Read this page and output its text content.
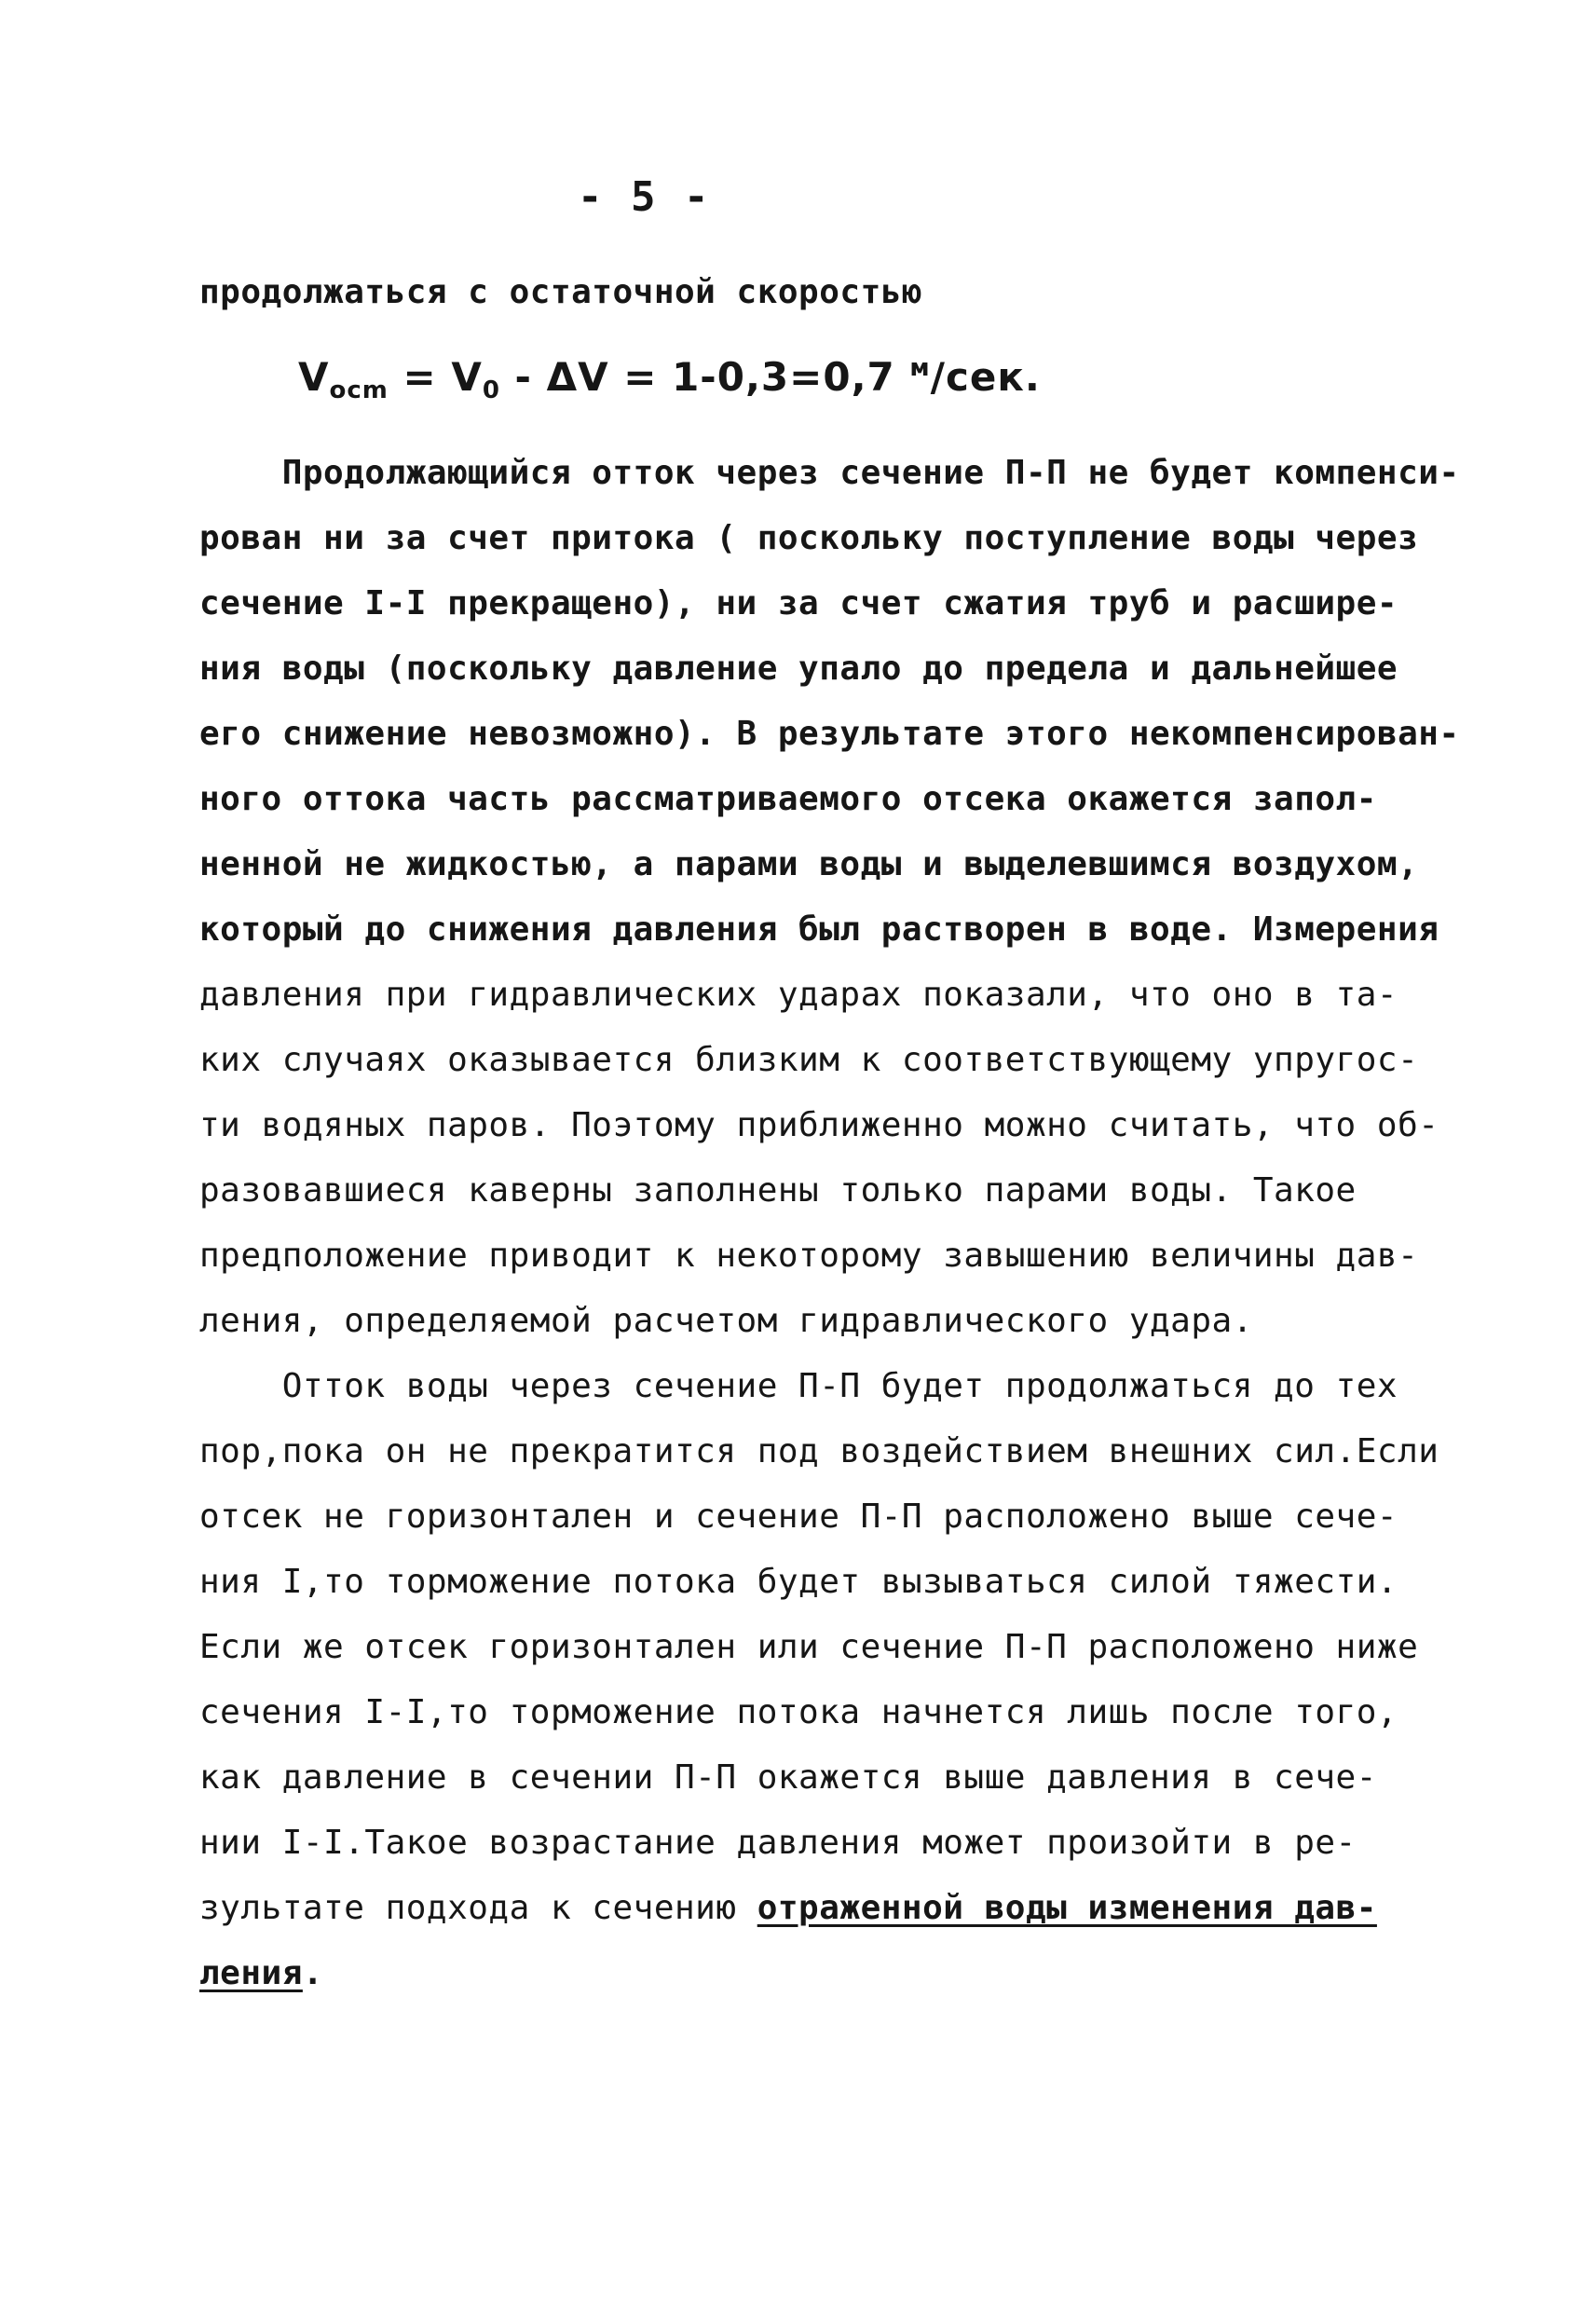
- 5 -
продолжаться с остаточной скоростью
$V_{ocm} = V_0 - \Delta V = 1-0,3=0,7$ $^м$/сек.
Продолжающийся отток через сечение П-П не будет компенси-
рован ни за счет притока ( поскольку поступление воды через
сечение I-I прекращено), ни за счет сжатия труб и расшире-
ния воды (поскольку давление упало до предела и дальнейшее
его снижение невозможно). В результате этого некомпенсирован-
ного оттока часть рассматриваемого отсека окажется запол-
ненной не жидкостью, а парами воды и выделевшимся воздухом,
который до снижения давления был растворен в воде. Измерения
давления при гидравлических ударах показали, что оно в та-
ких случаях оказывается близким к соответствующему упругос-
ти водяных паров. Поэтому приближенно можно считать, что об-
разовавшиеся каверны заполнены только парами воды. Такое
предположение приводит к некоторому завышению величины дав-
ления, определяемой расчетом гидравлического удара.
Отток воды через сечение П-П будет продолжаться до тех
пор,пока он не прекратится под воздействием внешних сил.Если
отсек не горизонтален и сечение П-П расположено выше сече-
ния I,то торможение потока будет вызываться силой тяжести.
Если же отсек горизонтален или сечение П-П расположено ниже
сечения I-I,то торможение потока начнется лишь после того,
как давление в сечении П-П окажется выше давления в сече-
нии I-I.Такое возрастание давления может произойти в ре-
зультате подхода к сечению отраженной воды изменения дав-
ления.
